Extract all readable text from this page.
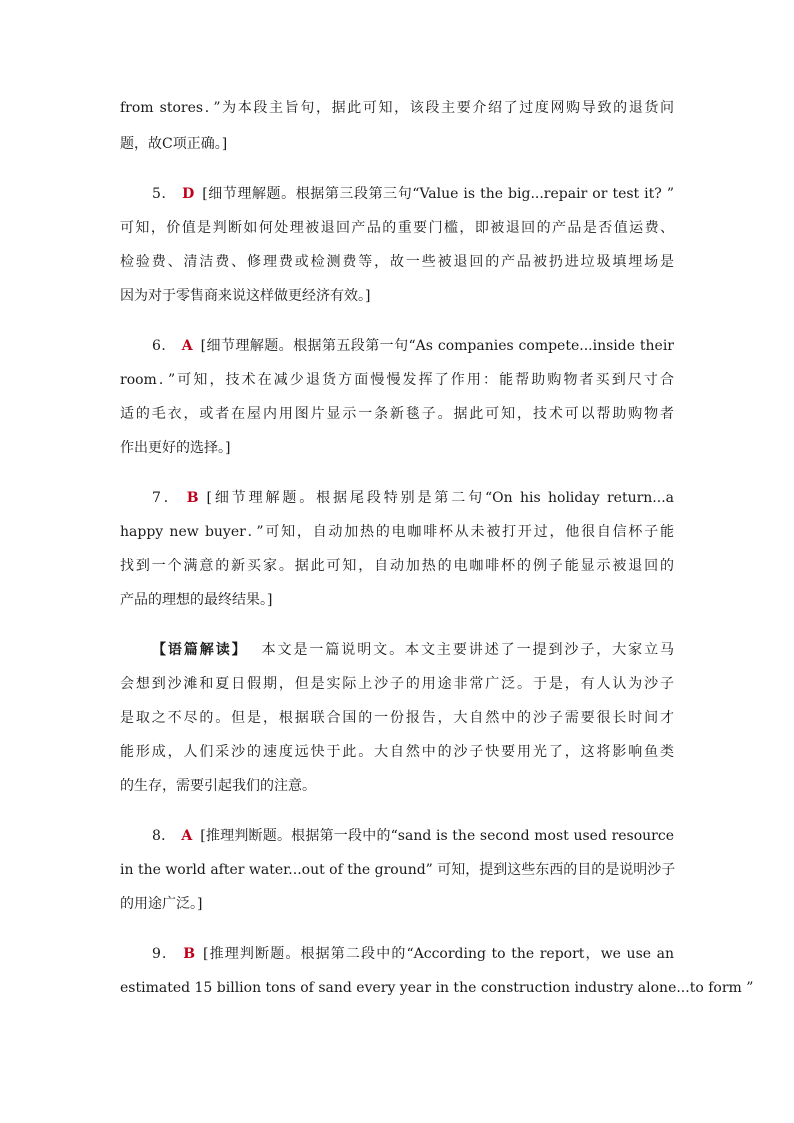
from stores．”为本段主旨句，据此可知，该段主要介绍了过度网购导致的退货问
题，故C项正确。]
5． D [细节理解题。根据第三段第三句“Value is the big...repair or test it? ”
可知，价值是判断如何处理被退回产品的重要门槛，即被退回的产品是否值运费、
检验费、清洁费、修理费或检测费等，故一些被退回的产品被扔进垃圾填埋场是
因为对于零售商来说这样做更经济有效。]
6． A [细节理解题。根据第五段第一句“As companies compete...inside their
room．”可知，技术在减少退货方面慢慢发挥了作用：能帮助购物者买到尺寸合
适的毛衣，或者在屋内用图片显示一条新毯子。据此可知，技术可以帮助购物者
作出更好的选择。]
7． B [细节理解题。根据尾段特别是第二句“On his holiday return...a
happy new buyer．”可知，自动加热的电咖啡杯从未被打开过，他很自信杯子能
找到一个满意的新买家。据此可知，自动加热的电咖啡杯的例子能显示被退回的
产品的理想的最终结果。]
【语篇解读】 本文是一篇说明文。本文主要讲述了一提到沙子，大家立马
会想到沙滩和夏日假期，但是实际上沙子的用途非常广泛。于是，有人认为沙子
是取之不尽的。但是，根据联合国的一份报告，大自然中的沙子需要很长时间才
能形成，人们采沙的速度远快于此。大自然中的沙子快要用光了，这将影响鱼类
的生存，需要引起我们的注意。
8． A [推理判断题。根据第一段中的“sand is the second most used resource
in the world after water...out of the ground” 可知，提到这些东西的目的是说明沙子
的用途广泛。]
9． B [推理判断题。根据第二段中的“According to the report，we use an
estimated 15 billion tons of sand every year in the construction industry alone...to form ”
